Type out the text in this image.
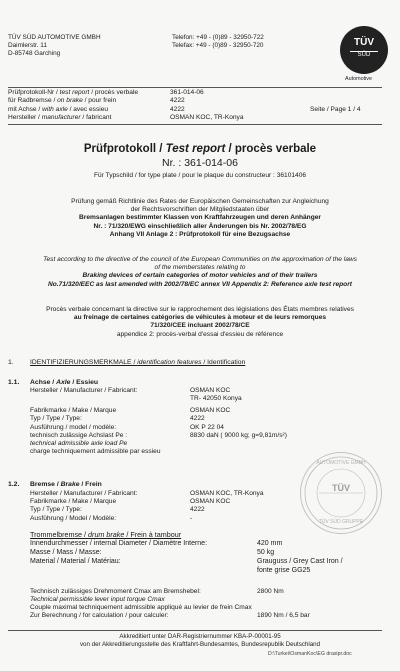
TÜV SÜD AUTOMOTIVE GMBH
Daimlerstr. 11
D-85748 Garching
Telefon: +49 - (0)89 - 32950-722
Telefax: +49 - (0)89 - 32950-720	TÜV
SÜD
Automotive
Prüfprotokoll-Nr / test report / procès verbale	361-014-06
für Radbremse / on brake / pour frein	4222
mit Achse / with axle / avec essieu	4222	Seite / Page 1 / 4
Hersteller / manufacturer / fabricant	OSMAN KOC, TR-Konya
Prüfprotokoll / Test report / procès verbale
Nr. : 361-014-06
Für Typschild / for type plate / pour le plaque du constructeur : 36101406
Prüfung gemäß Richtlinie des Rates der Europäischen Gemeinschaften zur Angleichung
der Rechtsvorschriften der Mitgliedstaaten über
Bremsanlagen bestimmter Klassen von Kraftfahrzeugen und deren Anhänger
Nr. : 71/320/EWG einschließlich aller Änderungen bis Nr. 2002/78/EG
Anhang VII Anlage 2 : Prüfprotokoll für eine Bezugsachse
Test according to the directive of the council of the European Communities on the approximation of the laws
of the memberstates relating to
Braking devices of certain categories of motor vehicles and of their trailers
No.71/320/EEC as last amended with 2002/78/EC annex VII Appendix 2: Reference axle test report
Procès verbale concernant la directive sur le rapprochement des législations des États membres relatives
au freinage de certaines catégories de véhicules à moteur et de leurs remorques
71/320/CEE incluant 2002/78/CE
appendice 2: procès-verbal d'essai d'essieu de référence
1. IDENTIFIZIERUNGSMERKMALE / identification features / Identification
1.1. Achse / Axle / Essieu
Hersteller / Manufacturer / Fabricant:	OSMAN KOC
TR- 42050 Konya
Fabrikmarke / Make / Marque	OSMAN KOC
Typ / Type / Type:	4222
Ausführung / model / modèle:	OK P 22 04
technisch zulässige Achslast Pe :	8830 daN ( 9000 kg; g=9,81m/s²)
technical admissible axle load Pe
charge techniquement admissible par essieu
1.2. Bremse / Brake / Frein
Hersteller / Manufacturer / Fabricant:	OSMAN KOC, TR-Konya
Fabrikmarke / Make / Marque	OSMAN KOC
Typ / Type / Type:	4222
Ausführung / Model / Modèle:	-
Trommelbremse / drum brake / Frein à tambour
Innendurchmesser / internal Diameter / Diamètre Interne:	420 mm
Masse / Mass / Masse:	50 kg
Material / Material / Matériau:	Grauguss / Grey Cast Iron /
fonte grise GG25
Technisch zulässiges Drehmoment Cmax am Bremshebel:	2800 Nm
Technical permissible lever input torque Cmax
Couple maximal techniquement admissible appliqué au levier de frein Cmax
Zur Berechnung / for calculation / pour calculer:	1890 Nm / 6,5 bar
Akkreditiert unter DAR-Registriernummer KBA-P-00001-95
von der Akkreditierungsstelle des Kraftfahrt-Bundesamtes, Bundesrepublik Deutschland
D:\Turkei\OsmanKoc\EG drasipr.doc
AUTOMOTIVE GMBH
TÜV
TÜV SÜD GRUPPE
